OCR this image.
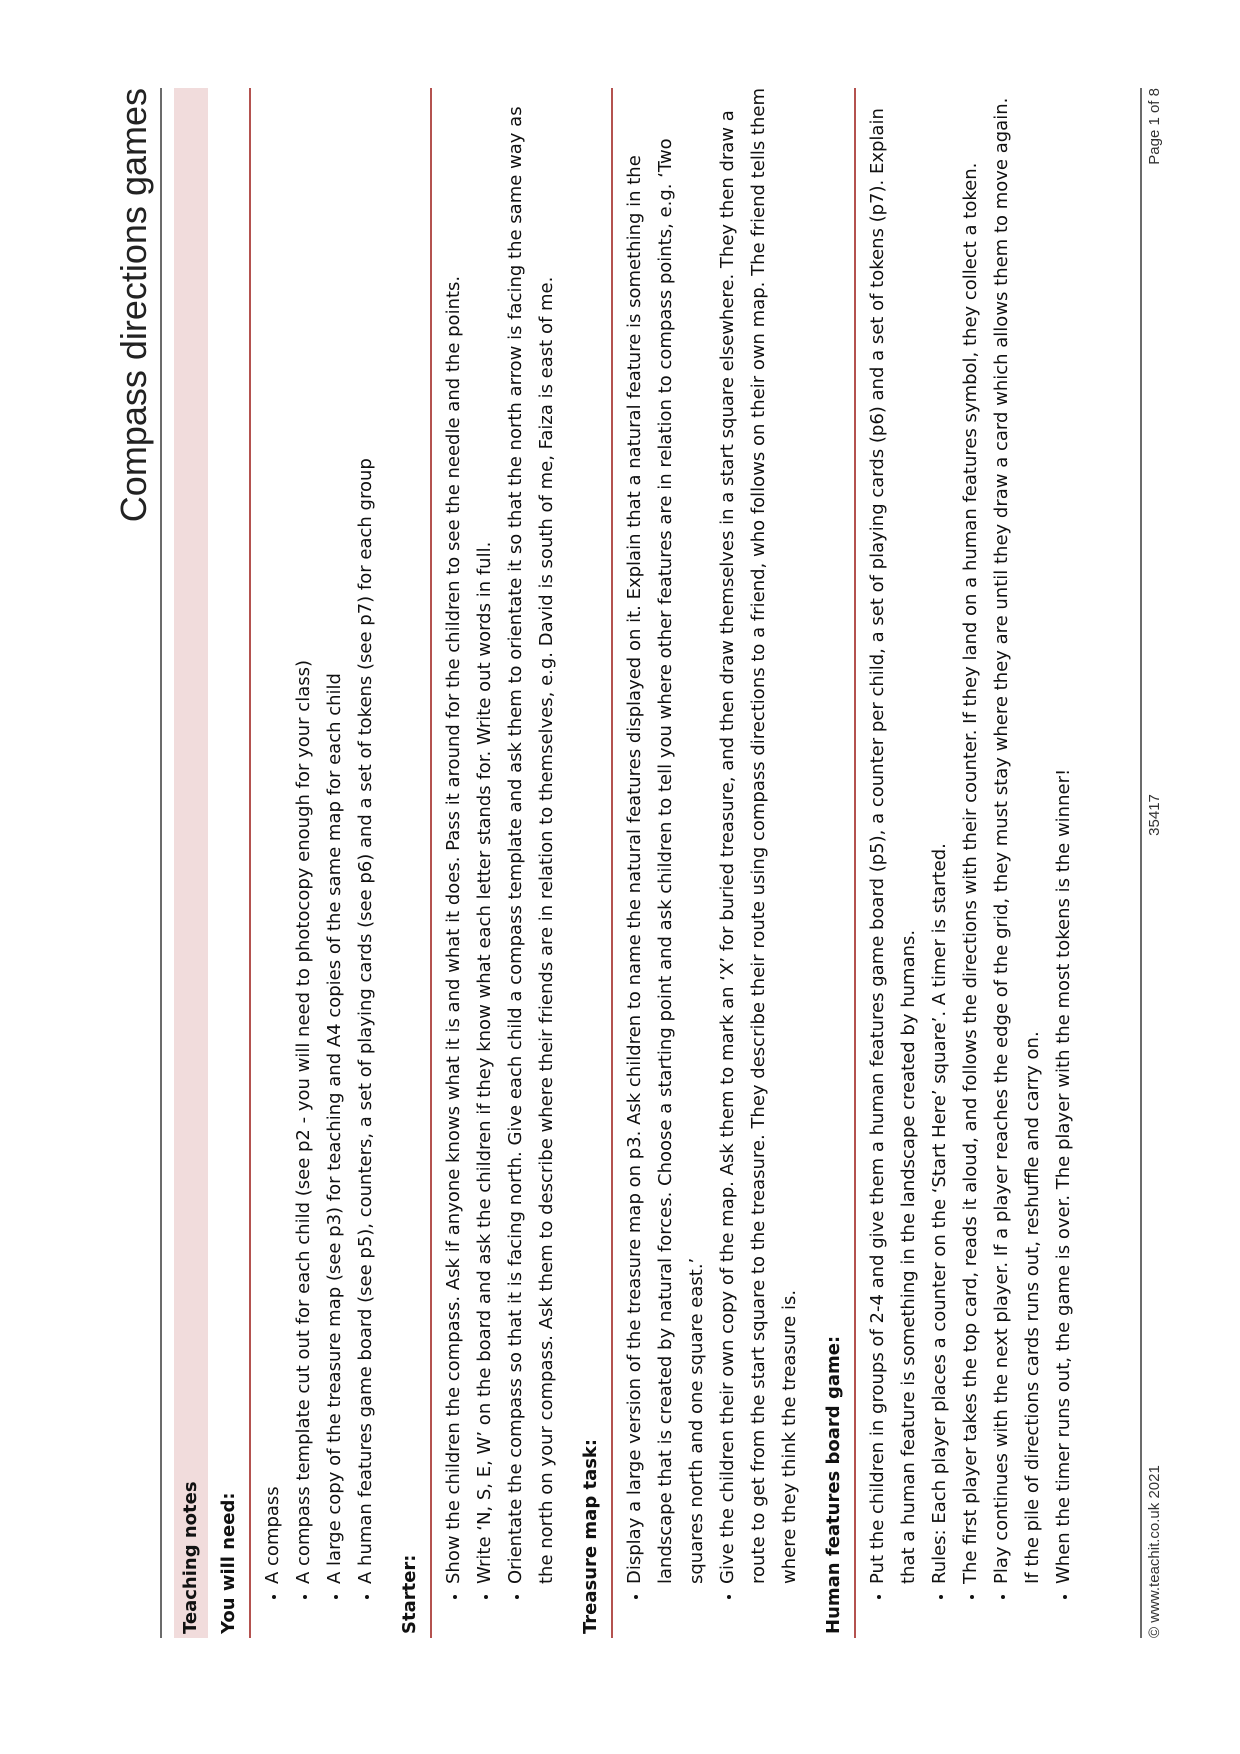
Compass directions games
Teaching notes You will need:	• A compass • A compass template cut out for each child (see p2 - you will need to photocopy enough for your class) • A large copy of the treasure map (see p3) for teaching and A4 copies of the same map for each child • A human features game board (see p5), counters, a set of playing cards (see p6) and a set of tokens (see p7) for each group
Starter:
• Show the children the compass. Ask if anyone knows what it is and what it does. Pass it around for the children to see the needle and the points. • Write ‘N, S, E, W’ on the board and ask the children if they know what each letter stands for. Write out words in full. • Orientate the compass so that it is facing north. Give each child a compass template and ask them to orientate it so that the north arrow is facing the same way as the north on your compass. Ask them to describe where their friends are in relation to themselves, e.g. David is south of me, Faiza is east of me.	Treasure map task:	• Display a large version of the treasure map on p3. Ask children to name the natural features displayed on it. Explain that a natural feature is something in the landscape that is created by natural forces. Choose a starting point and ask children to tell you where other features are in relation to compass points, e.g. ‘Two squares north and one square east.’ • Give the children their own copy of the map. Ask them to mark an ‘X’ for buried treasure, and then draw themselves in a start square elsewhere. They then draw a route to get from the start square to the treasure. They describe their route using compass directions to a friend, who follows on their own map. The friend tells them where they think the treasure is.	Human features board game:	• Put the children in groups of 2-4 and give them a human features game board (p5), a counter per child, a set of playing cards (p6) and a set of tokens (p7). Explain that a human feature is something in the landscape created by humans. • Rules: Each player places a counter on the ‘Start Here’ square’. A timer is started. • The first player takes the top card, reads it aloud, and follows the directions with their counter. If they land on a human features symbol, they collect a token. • Play continues with the next player. If a player reaches the edge of the grid, they must stay where they are until they draw a card which allows them to move again. If the pile of directions cards runs out, reshuffle and carry on. • When the timer runs out, the game is over. The player with the most tokens is the winner!	© www.teachit.co.uk 2021
35417
Page 1 of 8
